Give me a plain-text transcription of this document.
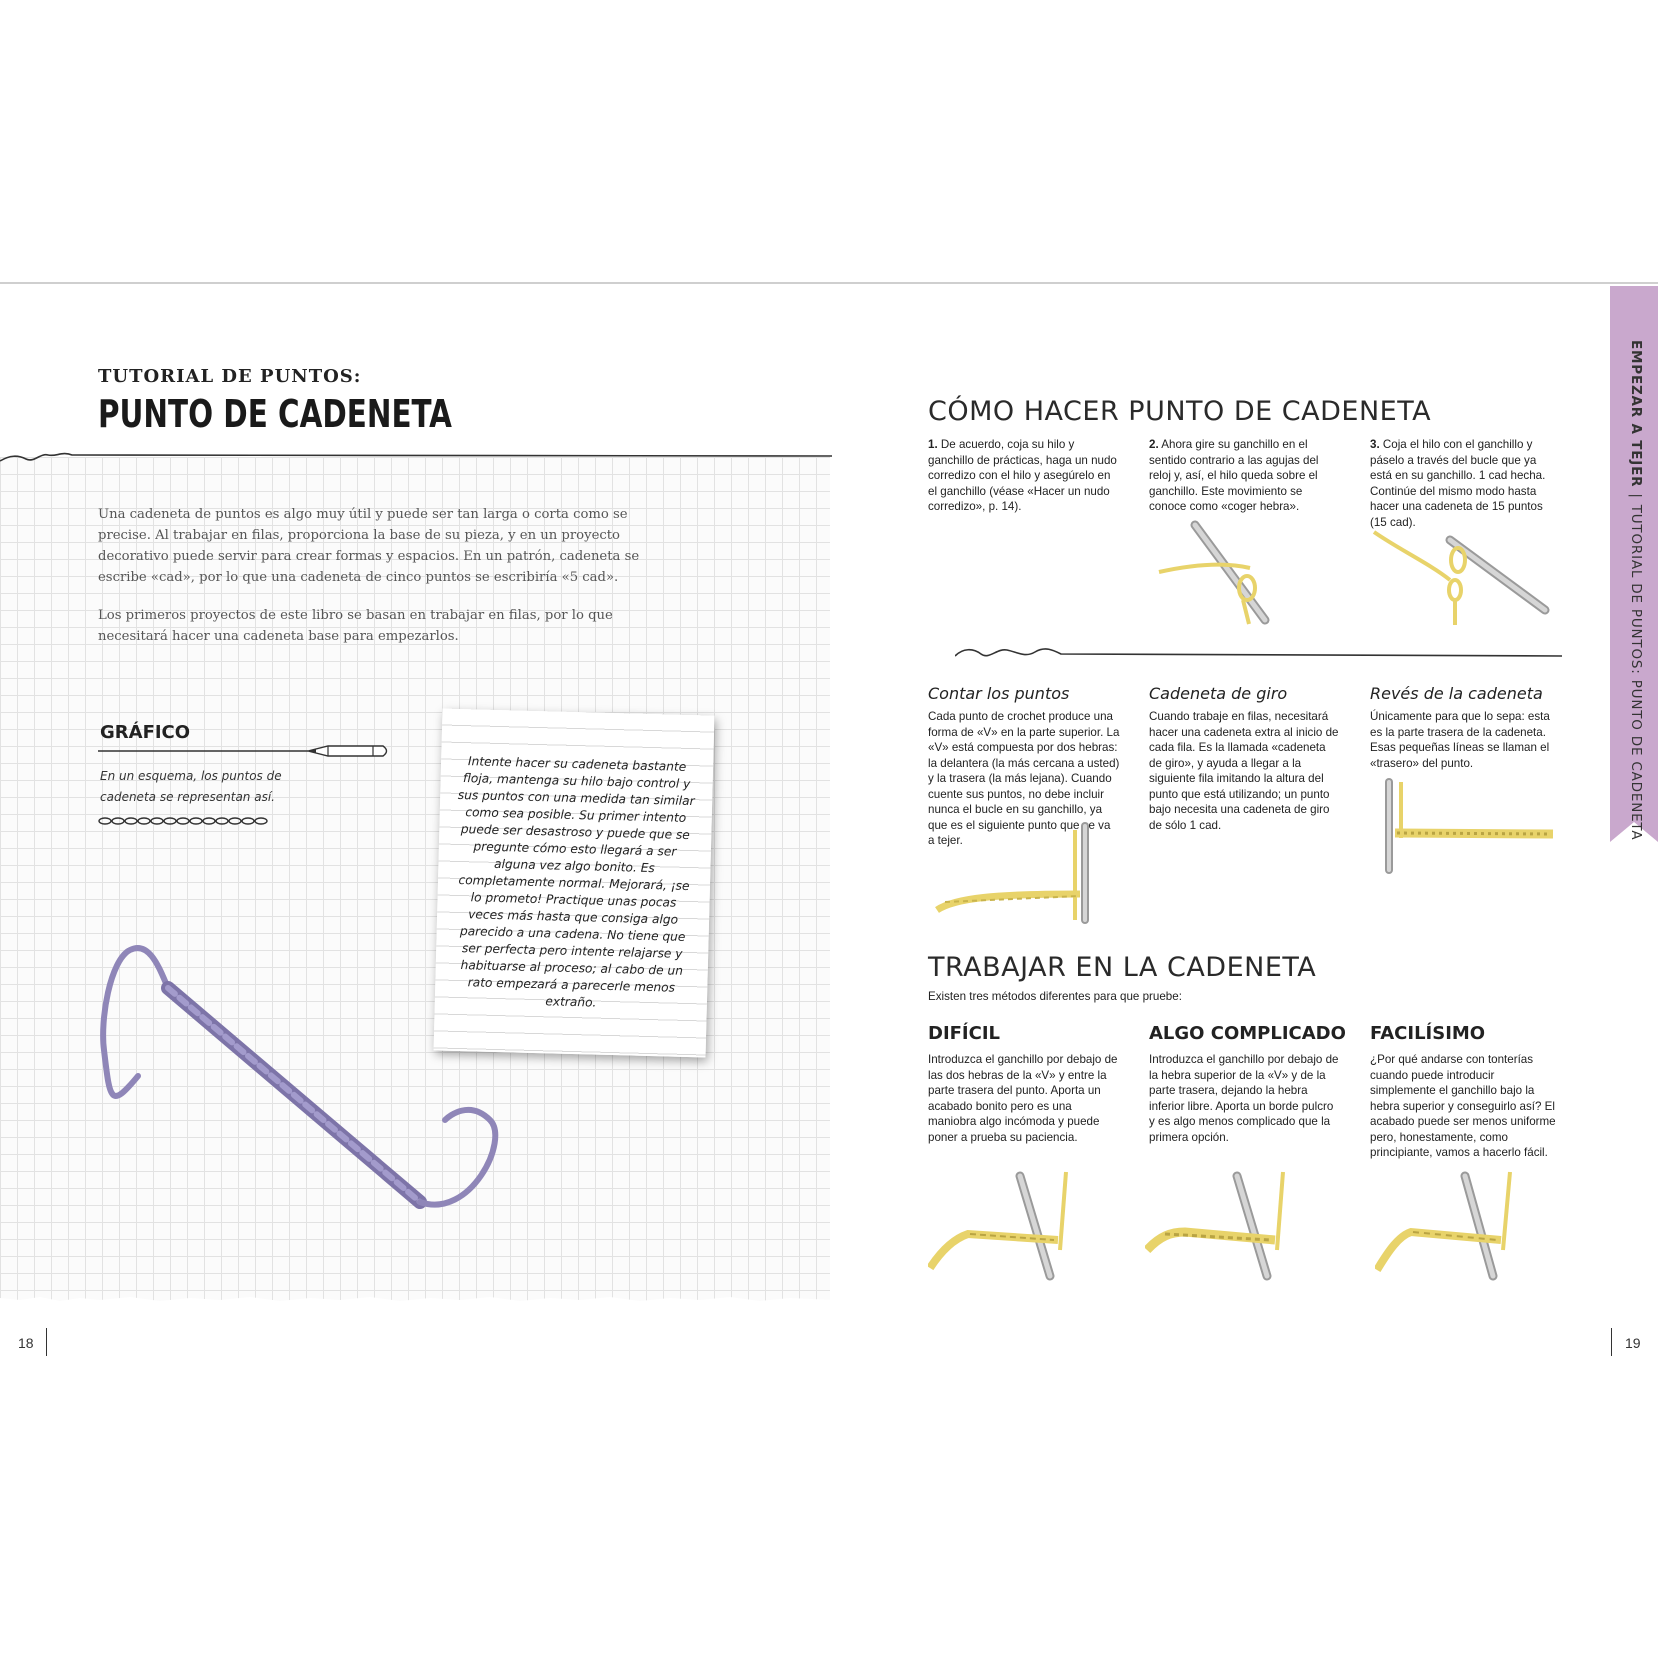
TUTORIAL DE PUNTOS:
PUNTO DE CADENETA
Una cadeneta de puntos es algo muy útil y puede ser tan larga o corta como se precise. Al trabajar en filas, proporciona la base de su pieza, y en un proyecto decorativo puede servir para crear formas y espacios. En un patrón, cadeneta se escribe «cad», por lo que una cadeneta de cinco puntos se escribiría «5 cad».
Los primeros proyectos de este libro se basan en trabajar en filas, por lo que necesitará hacer una cadeneta base para empezarlos.
GRÁFICO
En un esquema, los puntos de cadeneta se representan así.
Intente hacer su cadeneta bastante floja, mantenga su hilo bajo control y sus puntos con una medida tan similar como sea posible. Su primer intento puede ser desastroso y puede que se pregunte cómo esto llegará a ser alguna vez algo bonito. Es completamente normal. Mejorará, ¡se lo prometo! Practique unas pocas veces más hasta que consiga algo parecido a una cadena. No tiene que ser perfecta pero intente relajarse y habituarse al proceso; al cabo de un rato empezará a parecerle menos extraño.
18
CÓMO HACER PUNTO DE CADENETA
1. De acuerdo, coja su hilo y ganchillo de prácticas, haga un nudo corredizo con el hilo y asegúrelo en el ganchillo (véase «Hacer un nudo corredizo», p. 14).
2. Ahora gire su ganchillo en el sentido contrario a las agujas del reloj y, así, el hilo queda sobre el ganchillo. Este movimiento se conoce como «coger hebra».
3. Coja el hilo con el ganchillo y páselo a través del bucle que ya está en su ganchillo. 1 cad hecha. Continúe del mismo modo hasta hacer una cadeneta de 15 puntos (15 cad).
Contar los puntos	Cadeneta de giro	Revés de la cadeneta
Cada punto de crochet produce una forma de «V» en la parte superior. La «V» está compuesta por dos hebras: la delantera (la más cercana a usted) y la trasera (la más lejana). Cuando cuente sus puntos, no debe incluir nunca el bucle en su ganchillo, ya que es el siguiente punto que se va a tejer.
Cuando trabaje en filas, necesitará hacer una cadeneta extra al inicio de cada fila. Es la llamada «cadeneta de giro», y ayuda a llegar a la siguiente fila imitando la altura del punto que está utilizando; un punto bajo necesita una cadeneta de giro de sólo 1 cad.
Únicamente para que lo sepa: esta es la parte trasera de la cadeneta. Esas pequeñas líneas se llaman el «trasero» del punto.
TRABAJAR EN LA CADENETA
Existen tres métodos diferentes para que pruebe:
DIFÍCIL	ALGO COMPLICADO FACILÍSIMO
Introduzca el ganchillo por debajo de las dos hebras de la «V» y entre la parte trasera del punto. Aporta un acabado bonito pero es una maniobra algo incómoda y puede poner a prueba su paciencia.
Introduzca el ganchillo por debajo de la hebra superior de la «V» y de la parte trasera, dejando la hebra inferior libre. Aporta un borde pulcro y es algo menos complicado que la primera opción.
¿Por qué andarse con tonterías cuando puede introducir simplemente el ganchillo bajo la hebra superior y conseguirlo así? El acabado puede ser menos uniforme pero, honestamente, como principiante, vamos a hacerlo fácil.
EMPEZAR A TEJER|TUTORIAL DE PUNTOS: PUNTO DE CADENETA
19
